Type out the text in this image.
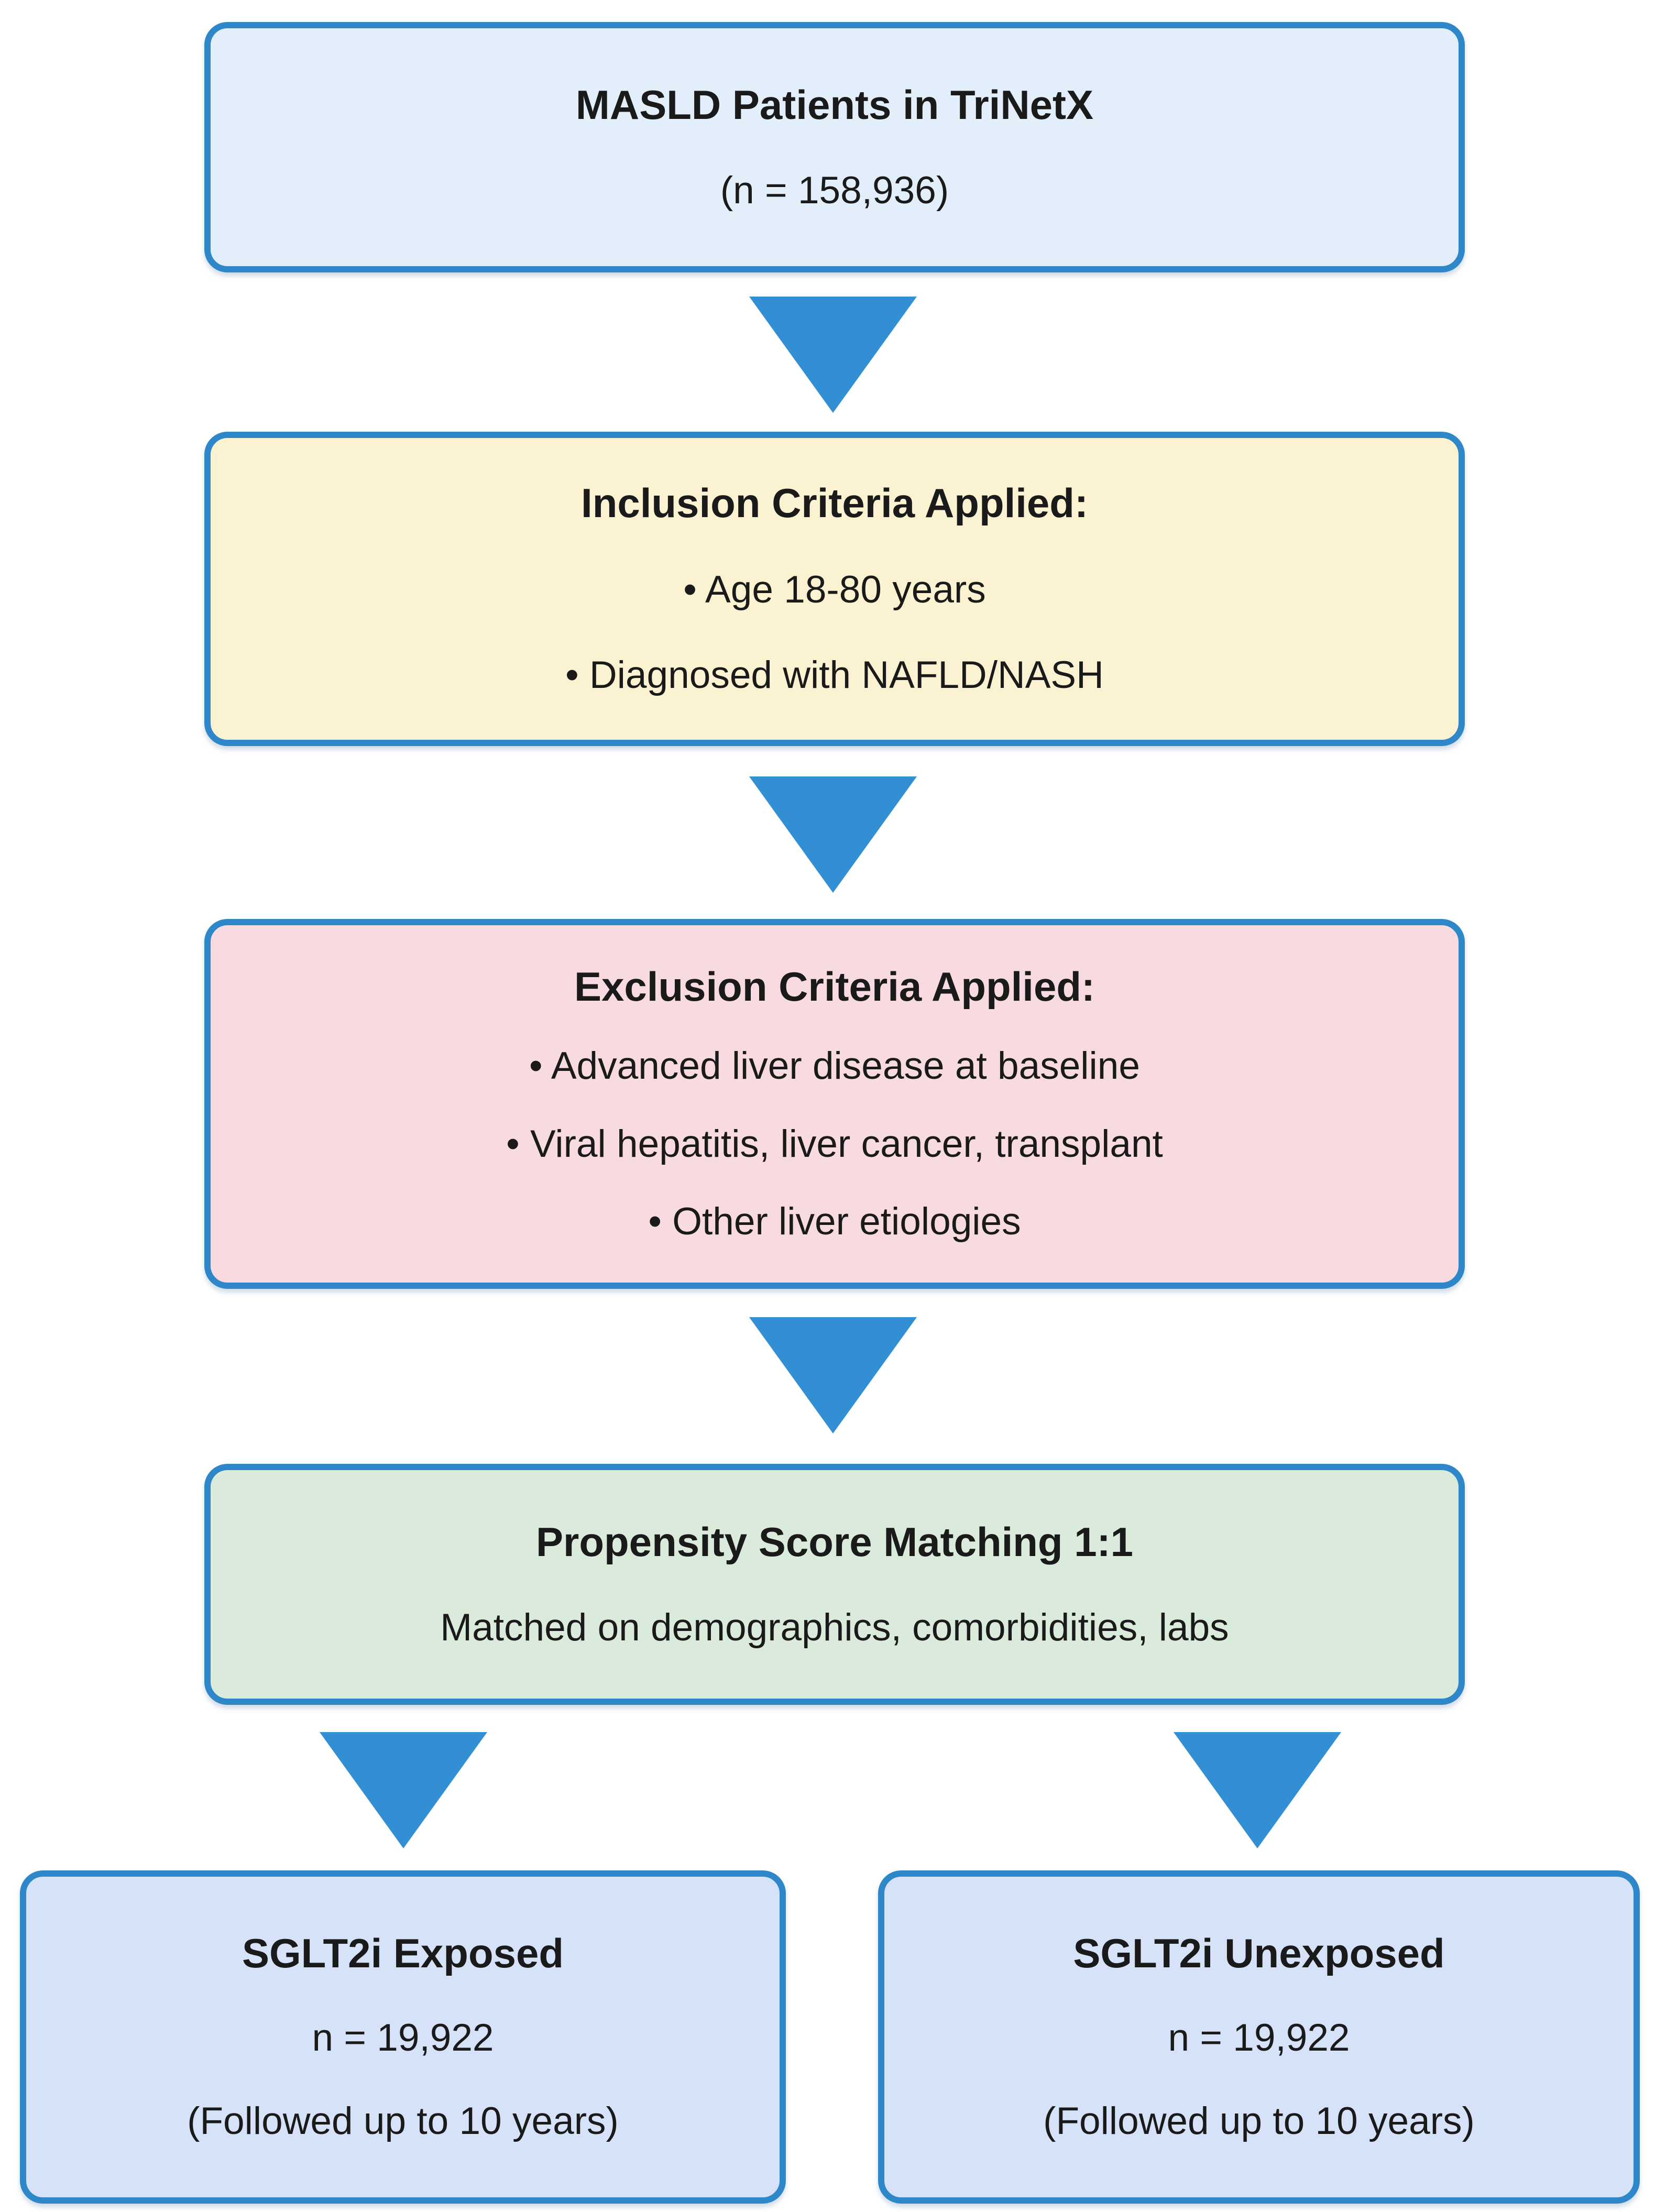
MASLD Patients in TriNetX
(n = 158,936)
Inclusion Criteria Applied:
• Age 18-80 years
• Diagnosed with NAFLD/NASH
Exclusion Criteria Applied:
• Advanced liver disease at baseline
• Viral hepatitis, liver cancer, transplant
• Other liver etiologies
Propensity Score Matching 1:1
Matched on demographics, comorbidities, labs
SGLT2i Exposed
n = 19,922
(Followed up to 10 years)
SGLT2i Unexposed
n = 19,922
(Followed up to 10 years)
